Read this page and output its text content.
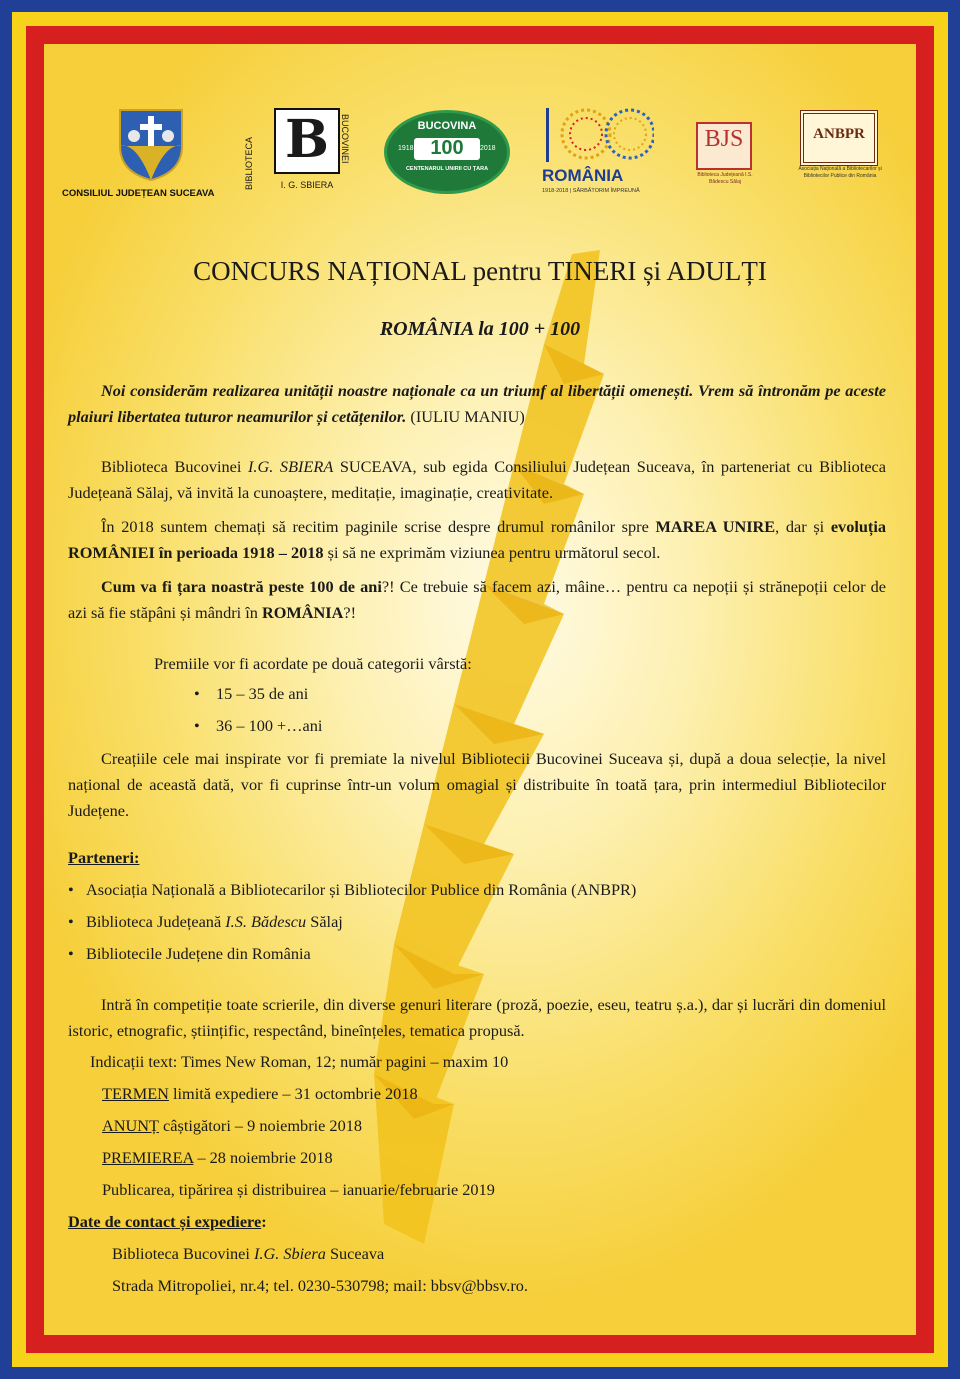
CONSILIUL JUDEȚEAN SUCEAVA
BIBLIOTECA B	BUCOVINEI
I. G. SBIERA
BUCOVINA
100
1918	2018
CENTENARUL UNIRII CU ȚARA	ROMÂNIA
1918-2018 | SĂRBĂTORIM ÎMPREUNĂ
BJS
Biblioteca Județeană I.S. Bădescu Sălaj
ANBPR
Asociația Națională a Bibliotecarilor și Bibliotecilor Publice din România
CONCURS NAȚIONAL pentru TINERI și ADULȚI
ROMÂNIA la 100 + 100
Noi considerăm realizarea unității noastre naționale ca un triumf al libertății omenești. Vrem să întronăm pe aceste plaiuri libertatea tuturor neamurilor și cetățenilor. (IULIU MANIU)
Biblioteca Bucovinei I.G. SBIERA SUCEAVA, sub egida Consiliului Județean Suceava, în parteneriat cu Biblioteca Județeană Sălaj, vă invită la cunoaștere, meditație, imaginație, creativitate.
În 2018 suntem chemați să recitim paginile scrise despre drumul românilor spre MAREA UNIRE, dar și evoluția ROMÂNIEI în perioada 1918 – 2018 și să ne exprimăm viziunea pentru următorul secol.
Cum va fi țara noastră peste 100 de ani?! Ce trebuie să facem azi, mâine… pentru ca nepoții și strănepoții celor de azi să fie stăpâni și mândri în ROMÂNIA?!
Premiile vor fi acordate pe două categorii vârstă:
• 15 – 35 de ani
• 36 – 100 +…ani
Creațiile cele mai inspirate vor fi premiate la nivelul Bibliotecii Bucovinei Suceava și, după a doua selecție, la nivel național de această dată, vor fi cuprinse într-un volum omagial și distribuite în toată țara, prin intermediul Bibliotecilor Județene.
Parteneri:
• Asociația Națională a Bibliotecarilor și Bibliotecilor Publice din România (ANBPR)
• Biblioteca Județeană I.S. Bădescu Sălaj
• Bibliotecile Județene din România
Intră în competiție toate scrierile, din diverse genuri literare (proză, poezie, eseu, teatru ș.a.), dar și lucrări din domeniul istoric, etnografic, științific, respectând, bineînțeles, tematica propusă.
Indicații text: Times New Roman, 12; număr pagini – maxim 10
TERMEN limită expediere – 31 octombrie 2018
ANUNȚ câștigători – 9 noiembrie 2018
PREMIEREA – 28 noiembrie 2018
Publicarea, tipărirea și distribuirea – ianuarie/februarie 2019
Date de contact și expediere:
Biblioteca Bucovinei I.G. Sbiera Suceava
Strada Mitropoliei, nr.4; tel. 0230-530798; mail: bbsv@bbsv.ro.
